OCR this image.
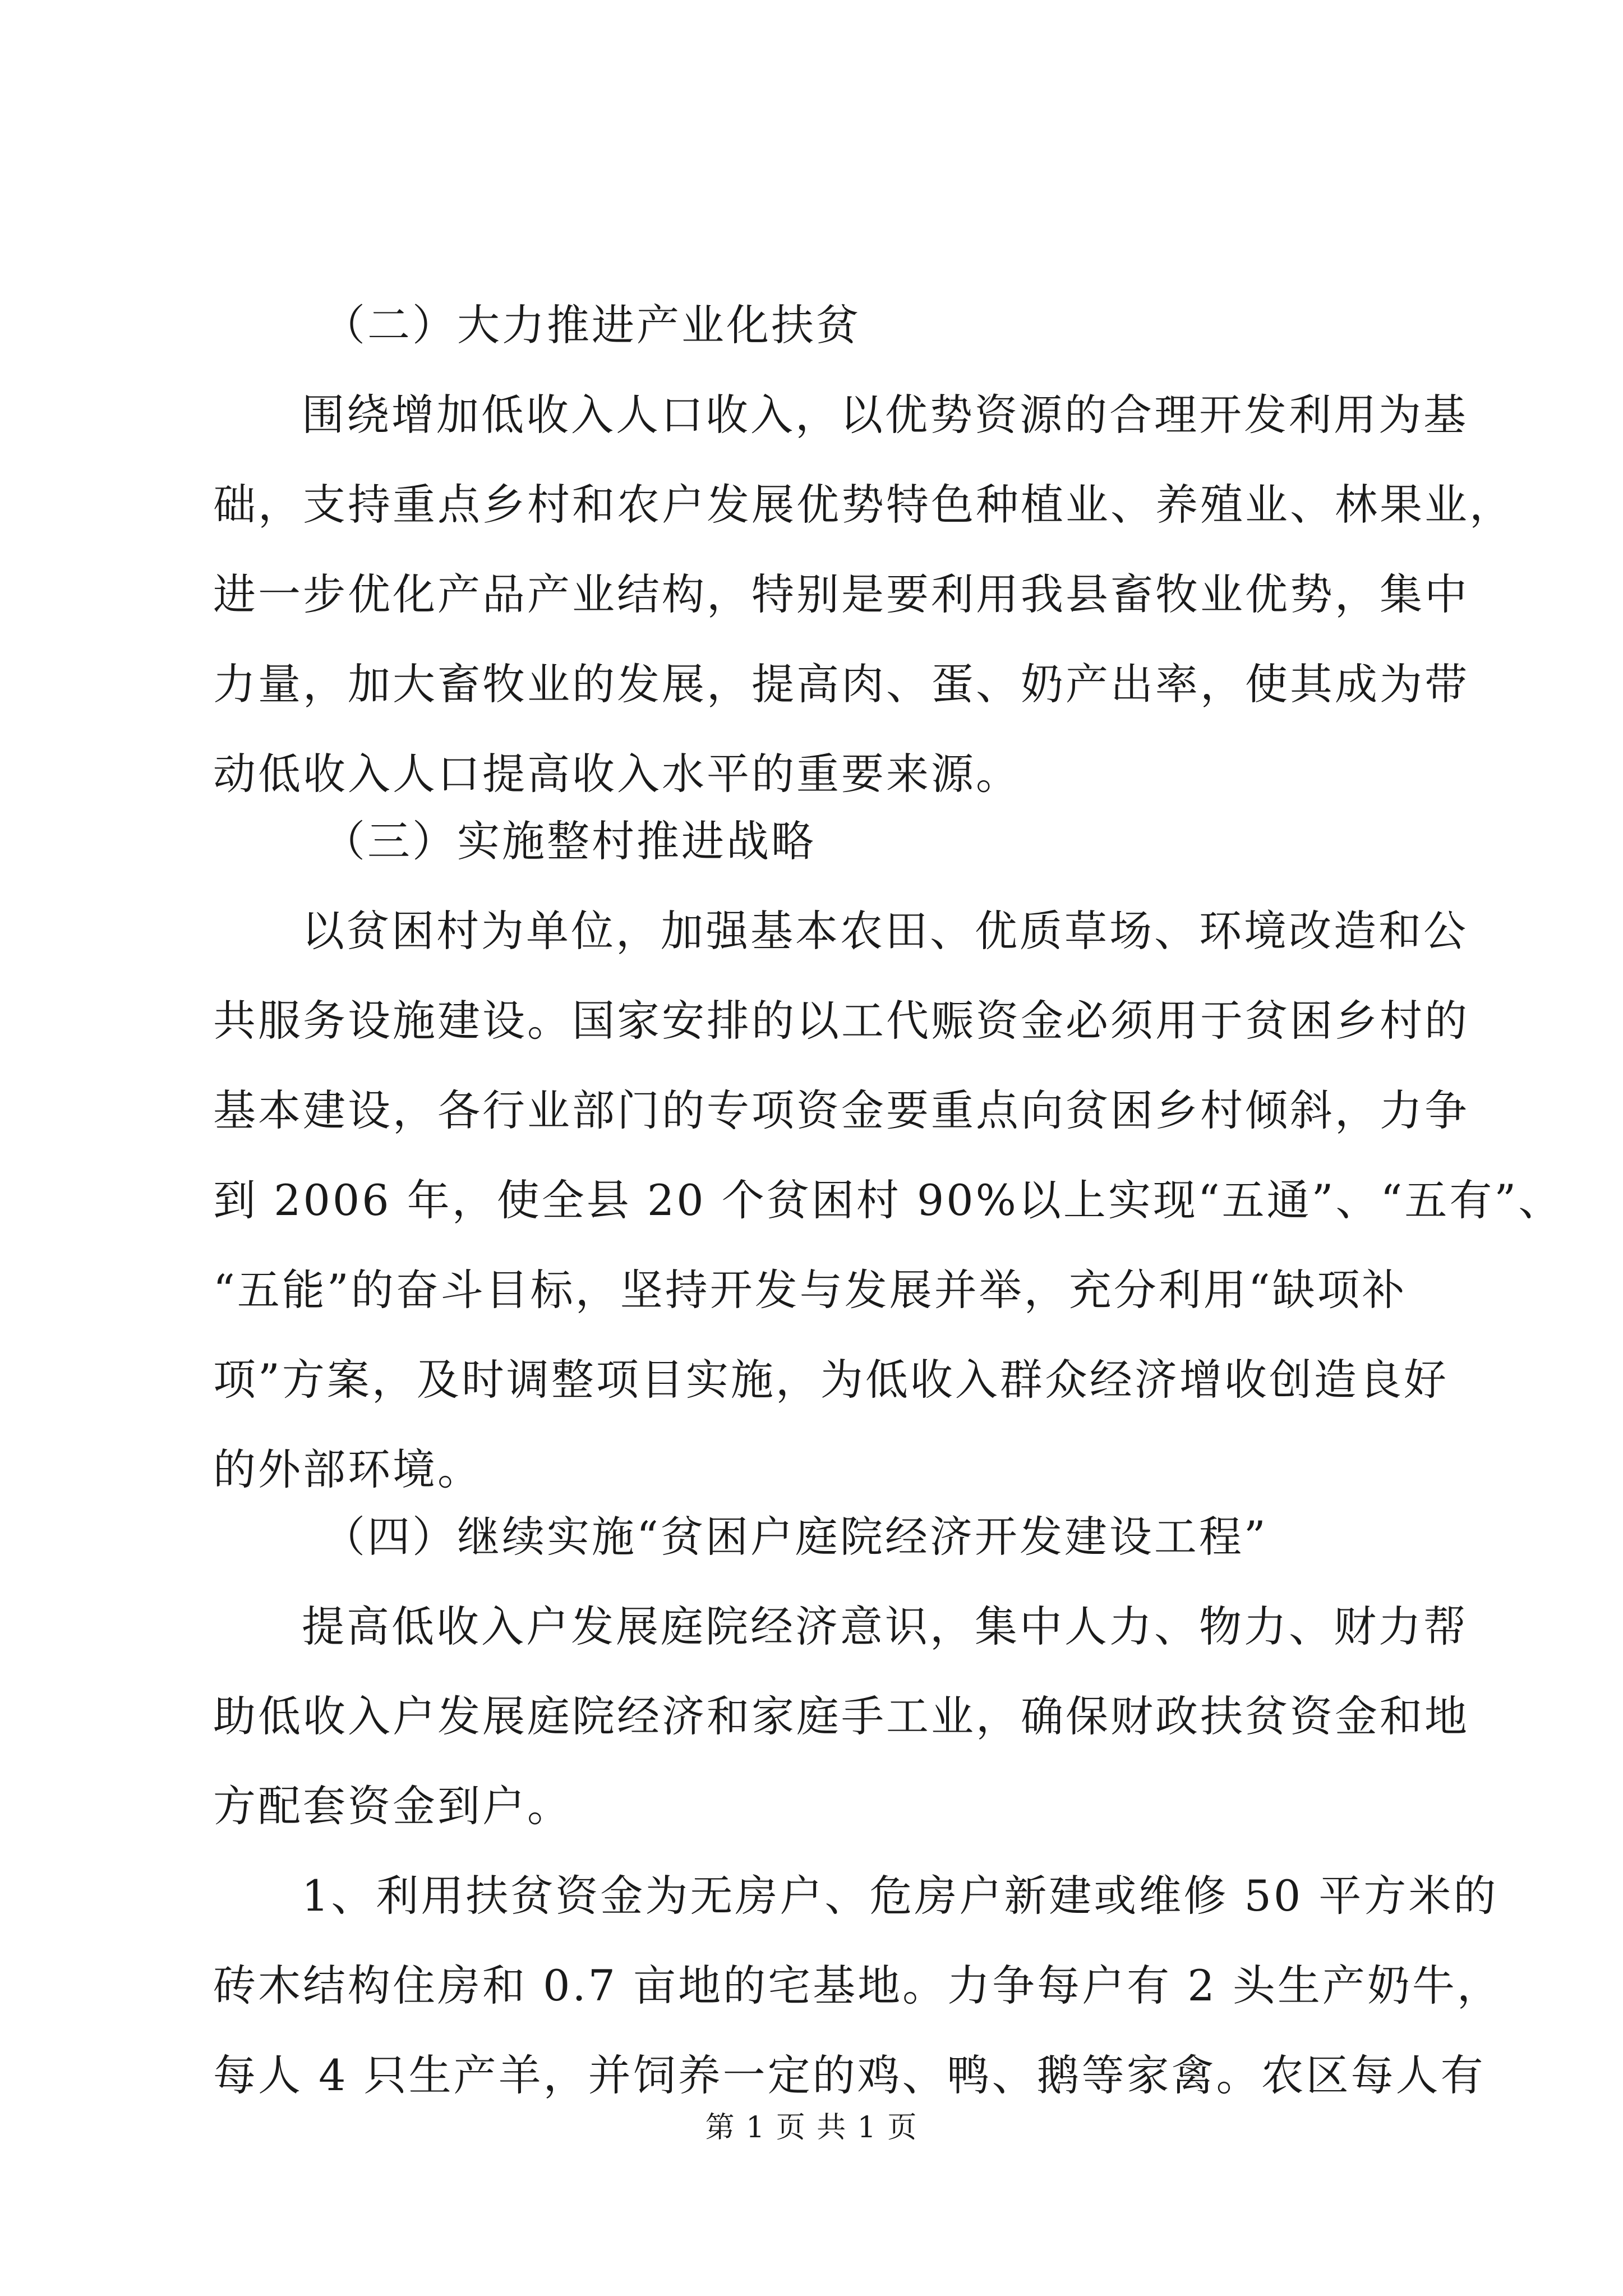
（二）大力推进产业化扶贫
围绕增加低收入人口收入，以优势资源的合理开发利用为基
础，支持重点乡村和农户发展优势特色种植业、养殖业、林果业，
进一步优化产品产业结构，特别是要利用我县畜牧业优势，集中
力量，加大畜牧业的发展，提高肉、蛋、奶产出率，使其成为带
动低收入人口提高收入水平的重要来源。
（三）实施整村推进战略
以贫困村为单位，加强基本农田、优质草场、环境改造和公
共服务设施建设。国家安排的以工代赈资金必须用于贫困乡村的
基本建设，各行业部门的专项资金要重点向贫困乡村倾斜，力争
到 2006 年，使全县 20 个贫困村 90%以上实现“五通”、“五有”、
“五能”的奋斗目标，坚持开发与发展并举，充分利用“缺项补
项”方案，及时调整项目实施，为低收入群众经济增收创造良好
的外部环境。
（四）继续实施“贫困户庭院经济开发建设工程”
提高低收入户发展庭院经济意识，集中人力、物力、财力帮
助低收入户发展庭院经济和家庭手工业，确保财政扶贫资金和地
方配套资金到户。
1、利用扶贫资金为无房户、危房户新建或维修 50 平方米的
砖木结构住房和 0.7 亩地的宅基地。力争每户有 2 头生产奶牛，
每人 4 只生产羊，并饲养一定的鸡、鸭、鹅等家禽。农区每人有
第 1 页 共 1 页
